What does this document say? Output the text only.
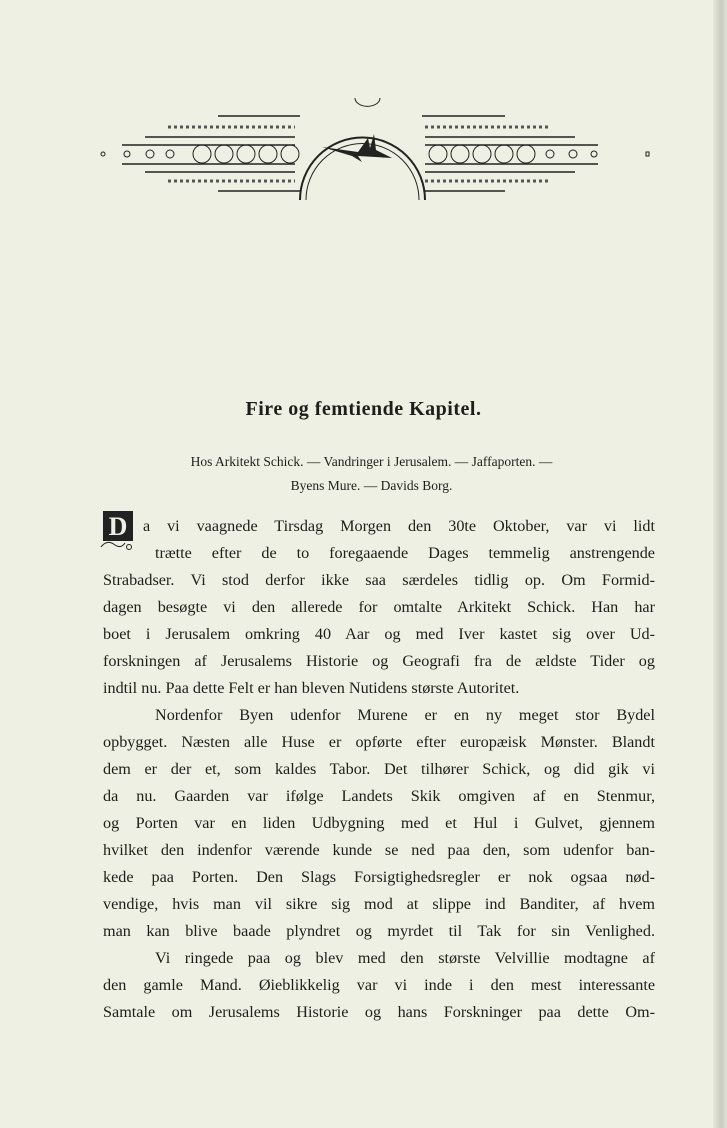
Fire og femtiende Kapitel.
Hos Arkitekt Schick. — Vandringer i Jerusalem. — Jaffaporten. —
Byens Mure. — Davids Borg.
D a vi vaagnede Tirsdag Morgen den 30te Oktober, var vi lidt
trætte efter de to foregaaende Dages temmelig anstrengende
Strabadser. Vi stod derfor ikke saa særdeles tidlig op. Om Formid-
dagen besøgte vi den allerede for omtalte Arkitekt Schick. Han har
boet i Jerusalem omkring 40 Aar og med Iver kastet sig over Ud-
forskningen af Jerusalems Historie og Geografi fra de ældste Tider og
indtil nu. Paa dette Felt er han bleven Nutidens største Autoritet.
Nordenfor Byen udenfor Murene er en ny meget stor Bydel
opbygget. Næsten alle Huse er opførte efter europæisk Mønster. Blandt
dem er der et, som kaldes Tabor. Det tilhører Schick, og did gik vi
da nu. Gaarden var ifølge Landets Skik omgiven af en Stenmur,
og Porten var en liden Udbygning med et Hul i Gulvet, gjennem
hvilket den indenfor værende kunde se ned paa den, som udenfor ban-
kede paa Porten. Den Slags Forsigtighedsregler er nok ogsaa nød-
vendige, hvis man vil sikre sig mod at slippe ind Banditer, af hvem
man kan blive baade plyndret og myrdet til Tak for sin Venlighed.
Vi ringede paa og blev med den største Velvillie modtagne af
den gamle Mand. Øieblikkelig var vi inde i den mest interessante
Samtale om Jerusalems Historie og hans Forskninger paa dette Om-
